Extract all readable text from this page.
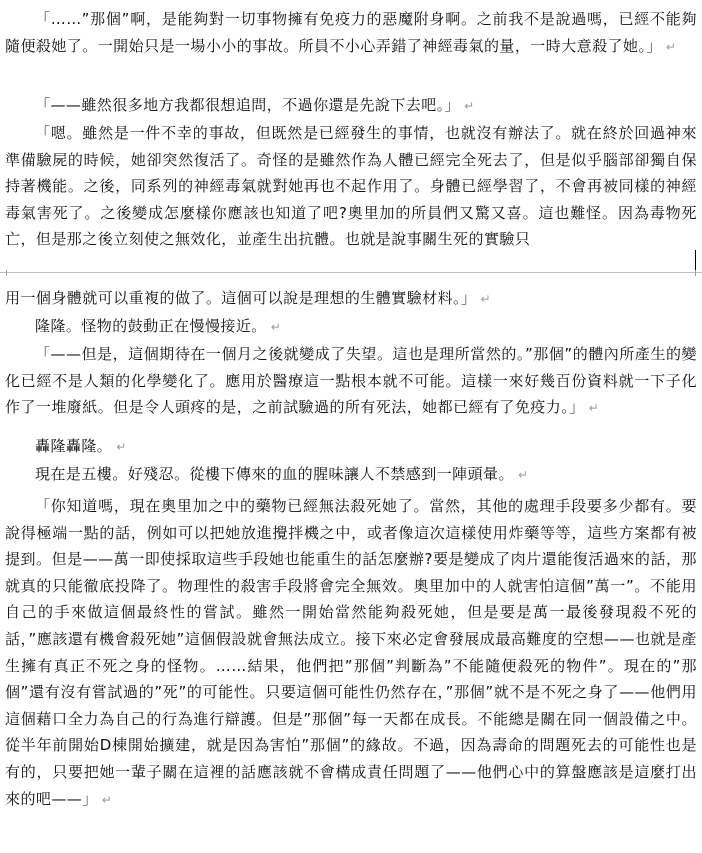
「……”那個”啊，是能夠對一切事物擁有免疫力的惡魔附身啊。之前我不是說過嗎，已經不能夠隨便殺她了。一開始只是一場小小的事故。所員不小心弄錯了神經毒氣的量，一時大意殺了她。」 ↵

「——雖然很多地方我都很想追問，不過你還是先說下去吧。」 ↵

「嗯。雖然是一件不幸的事故，但既然是已經發生的事情，也就沒有辦法了。就在終於回過神來準備驗屍的時候，她卻突然復活了。奇怪的是雖然作為人體已經完全死去了，但是似乎腦部卻獨自保持著機能。之後，同系列的神經毒氣就對她再也不起作用了。身體已經學習了，不會再被同樣的神經毒氣害死了。之後變成怎麼樣你應該也知道了吧?奧里加的所員們又驚又喜。這也難怪。因為毒物死亡，但是那之後立刻使之無效化，並產生出抗體。也就是說事關生死的實驗只

用一個身體就可以重複的做了。這個可以說是理想的生體實驗材料。」 ↵

隆隆。怪物的鼓動正在慢慢接近。 ↵

「——但是，這個期待在一個月之後就變成了失望。這也是理所當然的。”那個”的體內所產生的變化已經不是人類的化學變化了。應用於醫療這一點根本就不可能。這樣一來好幾百份資料就一下子化作了一堆廢紙。但是令人頭疼的是，之前試驗過的所有死法，她都已經有了免疫力。」 ↵

轟隆轟隆。 ↵

現在是五樓。好殘忍。從樓下傳來的血的腥味讓人不禁感到一陣頭暈。 ↵

「你知道嗎，現在奧里加之中的藥物已經無法殺死她了。當然，其他的處理手段要多少都有。要說得極端一點的話，例如可以把她放進攪拌機之中，或者像這次這樣使用炸藥等等，這些方案都有被提到。但是——萬一即使採取這些手段她也能重生的話怎麼辦?要是變成了肉片還能復活過來的話，那就真的只能徹底投降了。物理性的殺害手段將會完全無效。奧里加中的人就害怕這個”萬一”。不能用自己的手來做這個最終性的嘗試。雖然一開始當然能夠殺死她，但是要是萬一最後發現殺不死的話，”應該還有機會殺死她”這個假設就會無法成立。接下來必定會發展成最高難度的空想——也就是產生擁有真正不死之身的怪物。……結果，他們把”那個”判斷為”不能隨便殺死的物件”。現在的”那個”還有沒有嘗試過的”死”的可能性。只要這個可能性仍然存在，”那個”就不是不死之身了——他們用這個藉口全力為自己的行為進行辯護。但是”那個”每一天都在成長。不能總是關在同一個設備之中。從半年前開始D棟開始擴建，就是因為害怕”那個”的緣故。不過，因為壽命的問題死去的可能性也是有的，只要把她一輩子關在這裡的話應該就不會構成責任問題了——他們心中的算盤應該是這麼打出來的吧——」 ↵
